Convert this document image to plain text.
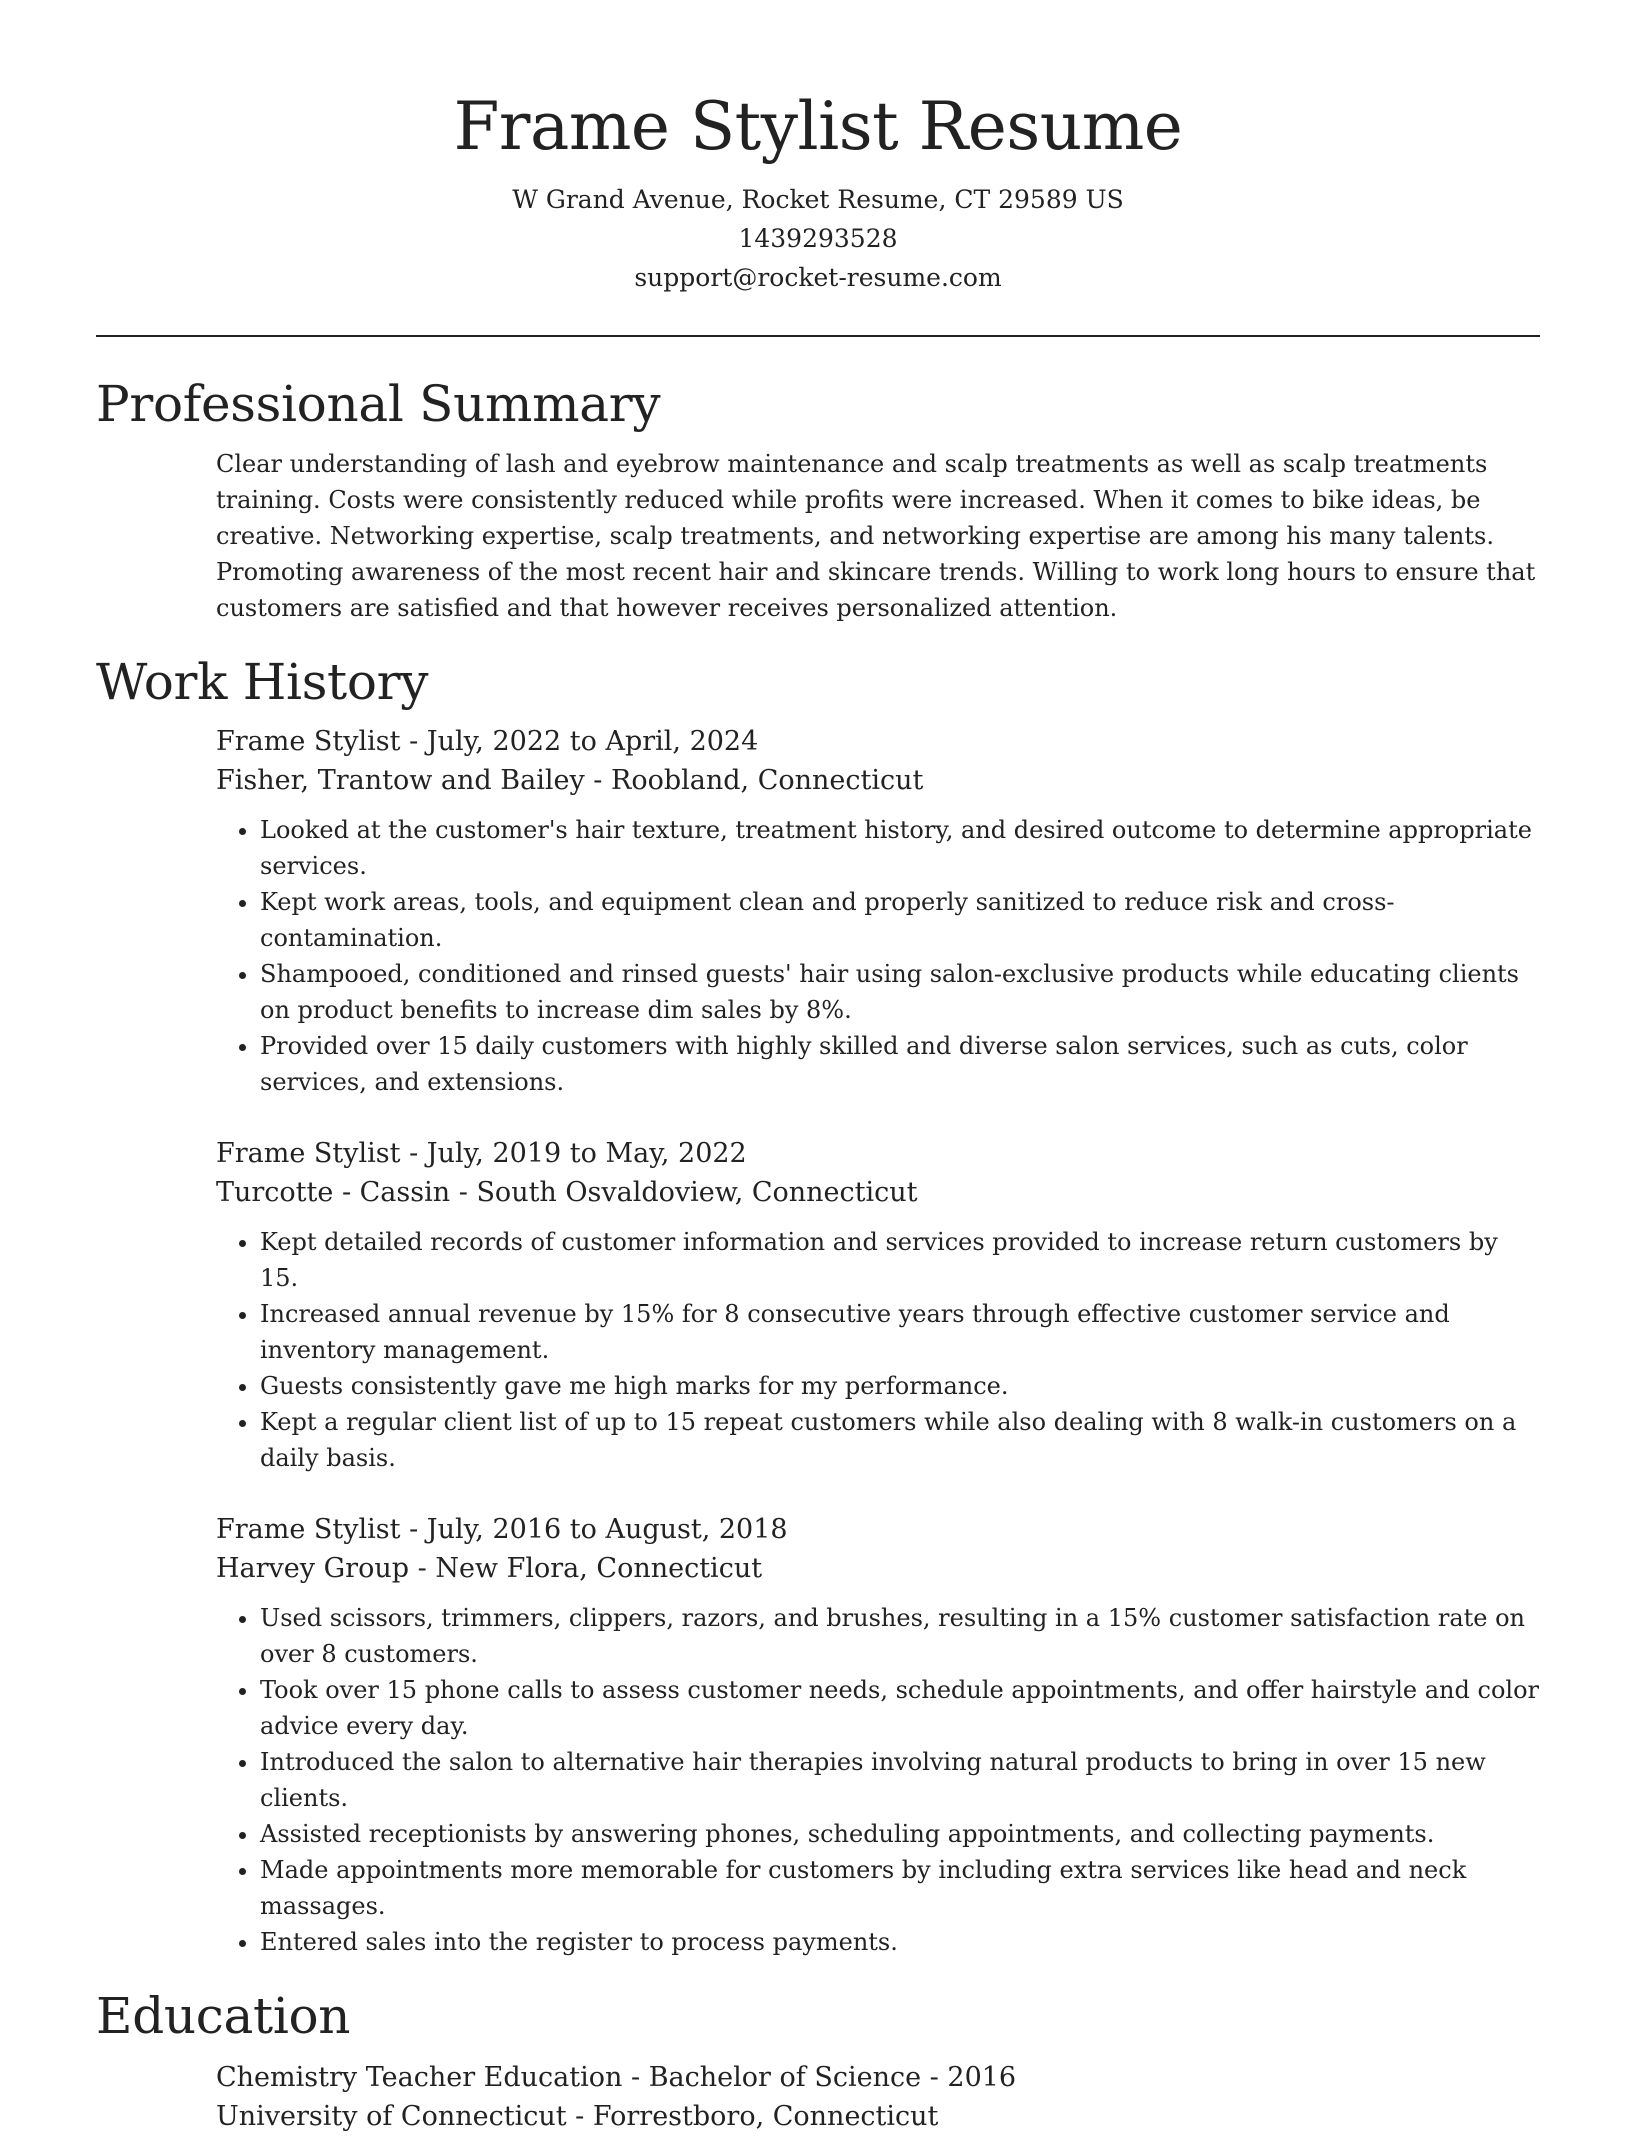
Frame Stylist Resume
W Grand Avenue, Rocket Resume, CT 29589 US
1439293528
support@rocket-resume.com
Professional Summary
Clear understanding of lash and eyebrow maintenance and scalp treatments as well as scalp treatments training. Costs were consistently reduced while profits were increased. When it comes to bike ideas, be creative. Networking expertise, scalp treatments, and networking expertise are among his many talents. Promoting awareness of the most recent hair and skincare trends. Willing to work long hours to ensure that customers are satisfied and that however receives personalized attention.
Work History
Frame Stylist - July, 2022 to April, 2024
Fisher, Trantow and Bailey - Roobland, Connecticut
• Looked at the customer's hair texture, treatment history, and desired outcome to determine appropriate services.
• Kept work areas, tools, and equipment clean and properly sanitized to reduce risk and cross-contamination.
• Shampooed, conditioned and rinsed guests' hair using salon-exclusive products while educating clients on product benefits to increase dim sales by 8%.
• Provided over 15 daily customers with highly skilled and diverse salon services, such as cuts, color services, and extensions.
Frame Stylist - July, 2019 to May, 2022
Turcotte - Cassin - South Osvaldoview, Connecticut
• Kept detailed records of customer information and services provided to increase return customers by 15.
• Increased annual revenue by 15% for 8 consecutive years through effective customer service and inventory management.
• Guests consistently gave me high marks for my performance.
• Kept a regular client list of up to 15 repeat customers while also dealing with 8 walk-in customers on a daily basis.
Frame Stylist - July, 2016 to August, 2018
Harvey Group - New Flora, Connecticut
• Used scissors, trimmers, clippers, razors, and brushes, resulting in a 15% customer satisfaction rate on over 8 customers.
• Took over 15 phone calls to assess customer needs, schedule appointments, and offer hairstyle and color advice every day.
• Introduced the salon to alternative hair therapies involving natural products to bring in over 15 new clients.
• Assisted receptionists by answering phones, scheduling appointments, and collecting payments.
• Made appointments more memorable for customers by including extra services like head and neck massages.
• Entered sales into the register to process payments.
Education
Chemistry Teacher Education - Bachelor of Science - 2016
University of Connecticut - Forrestboro, Connecticut
